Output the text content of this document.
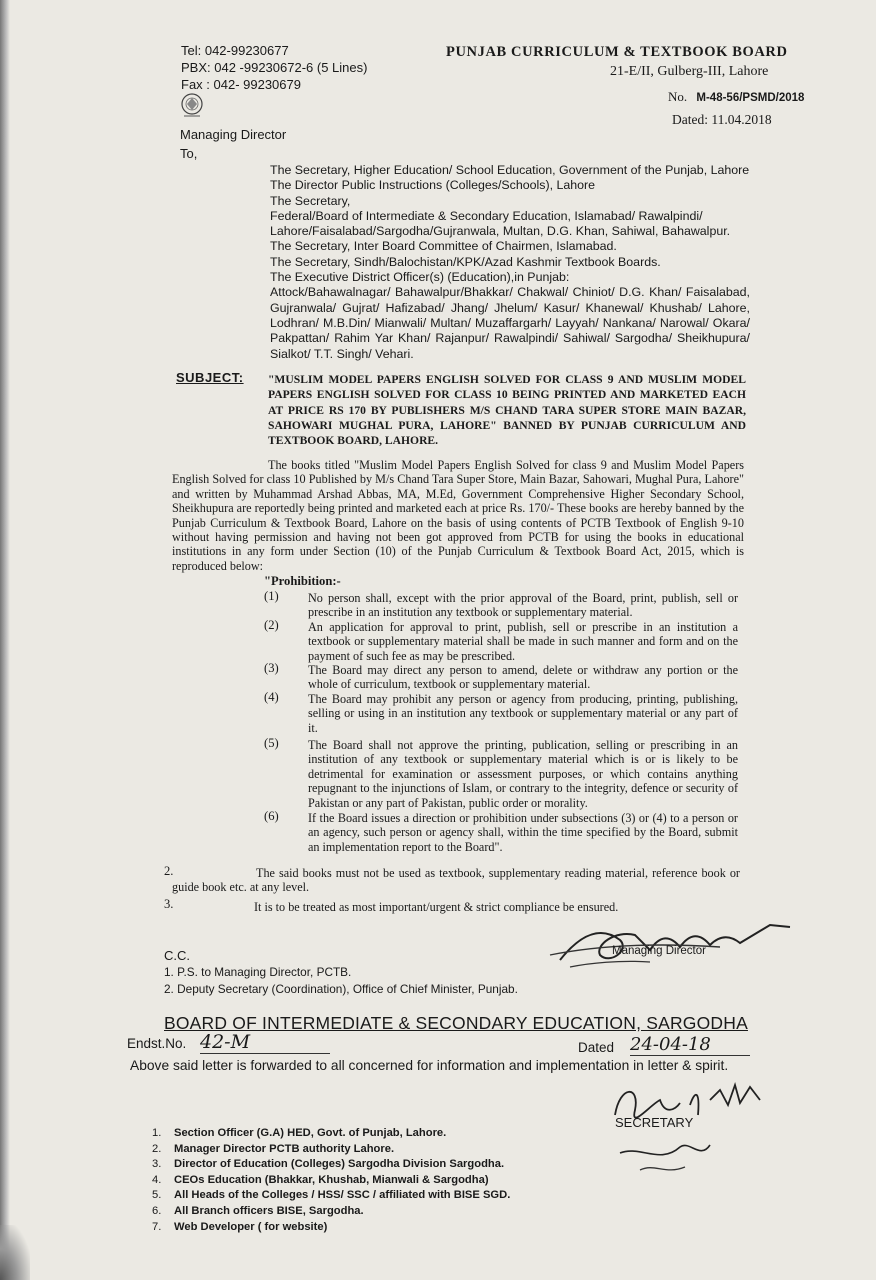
Tel: 042-99230677
PBX: 042 -99230672-6 (5 Lines)
Fax : 042- 99230679
PUNJAB CURRICULUM & TEXTBOOK BOARD
21-E/II, Gulberg-III, Lahore
No. M-48-56/PSMD/2018
Dated: 11.04.2018
Managing Director
To,
The Secretary, Higher Education/ School Education, Government of the Punjab, Lahore
The Director Public Instructions (Colleges/Schools), Lahore
The Secretary,
Federal/Board of Intermediate & Secondary Education, Islamabad/ Rawalpindi/
Lahore/Faisalabad/Sargodha/Gujranwala, Multan, D.G. Khan, Sahiwal, Bahawalpur.
The Secretary, Inter Board Committee of Chairmen, Islamabad.
The Secretary, Sindh/Balochistan/KPK/Azad Kashmir Textbook Boards.
The Executive District Officer(s) (Education),in Punjab:
Attock/Bahawalnagar/ Bahawalpur/Bhakkar/ Chakwal/ Chiniot/ D.G. Khan/ Faisalabad, Gujranwala/ Gujrat/ Hafizabad/ Jhang/ Jhelum/ Kasur/ Khanewal/ Khushab/ Lahore, Lodhran/ M.B.Din/ Mianwali/ Multan/ Muzaffargarh/ Layyah/ Nankana/ Narowal/ Okara/ Pakpattan/ Rahim Yar Khan/ Rajanpur/ Rawalpindi/ Sahiwal/ Sargodha/ Sheikhupura/ Sialkot/ T.T. Singh/ Vehari.
SUBJECT: "MUSLIM MODEL PAPERS ENGLISH SOLVED FOR CLASS 9 AND MUSLIM MODEL PAPERS ENGLISH SOLVED FOR CLASS 10 BEING PRINTED AND MARKETED EACH AT PRICE RS 170 BY PUBLISHERS M/S CHAND TARA SUPER STORE MAIN BAZAR, SAHOWARI MUGHAL PURA, LAHORE" BANNED BY PUNJAB CURRICULUM AND TEXTBOOK BOARD, LAHORE.
The books titled "Muslim Model Papers English Solved for class 9 and Muslim Model Papers English Solved for class 10 Published by M/s Chand Tara Super Store, Main Bazar, Sahowari, Mughal Pura, Lahore" and written by Muhammad Arshad Abbas, MA, M.Ed, Government Comprehensive Higher Secondary School, Sheikhupura are reportedly being printed and marketed each at price Rs. 170/- These books are hereby banned by the Punjab Curriculum & Textbook Board, Lahore on the basis of using contents of PCTB Textbook of English 9-10 without having permission and having not been got approved from PCTB for using the books in educational institutions in any form under Section (10) of the Punjab Curriculum & Textbook Board Act, 2015, which is reproduced below:
"Prohibition:-
(1) No person shall, except with the prior approval of the Board, print, publish, sell or prescribe in an institution any textbook or supplementary material.
(2) An application for approval to print, publish, sell or prescribe in an institution a textbook or supplementary material shall be made in such manner and form and on the payment of such fee as may be prescribed.
(3) The Board may direct any person to amend, delete or withdraw any portion or the whole of curriculum, textbook or supplementary material.
(4) The Board may prohibit any person or agency from producing, printing, publishing, selling or using in an institution any textbook or supplementary material or any part of it.
(5) The Board shall not approve the printing, publication, selling or prescribing in an institution of any textbook or supplementary material which is or is likely to be detrimental for examination or assessment purposes, or which contains anything repugnant to the injunctions of Islam, or contrary to the integrity, defence or security of Pakistan or any part of Pakistan, public order or morality.
(6) If the Board issues a direction or prohibition under subsections (3) or (4) to a person or an agency, such person or agency shall, within the time specified by the Board, submit an implementation report to the Board".
2.	The said books must not be used as textbook, supplementary reading material, reference book or guide book etc. at any level.
3.	It is to be treated as most important/urgent & strict compliance be ensured.
Managing Director
C.C.
1. P.S. to Managing Director, PCTB.
2. Deputy Secretary (Coordination), Office of Chief Minister, Punjab.
BOARD OF INTERMEDIATE & SECONDARY EDUCATION, SARGODHA
Endst.No. 42-M	Dated 24-04-18
Above said letter is forwarded to all concerned for information and implementation in letter & spirit.
SECRETARY
1. Section Officer (G.A) HED, Govt. of Punjab, Lahore.
2. Manager Director PCTB authority Lahore.
3. Director of Education (Colleges) Sargodha Division Sargodha.
4. CEOs Education (Bhakkar, Khushab, Mianwali & Sargodha)
5. All Heads of the Colleges / HSS/ SSC / affiliated with BISE SGD.
6. All Branch officers BISE, Sargodha.
7. Web Developer ( for website)
